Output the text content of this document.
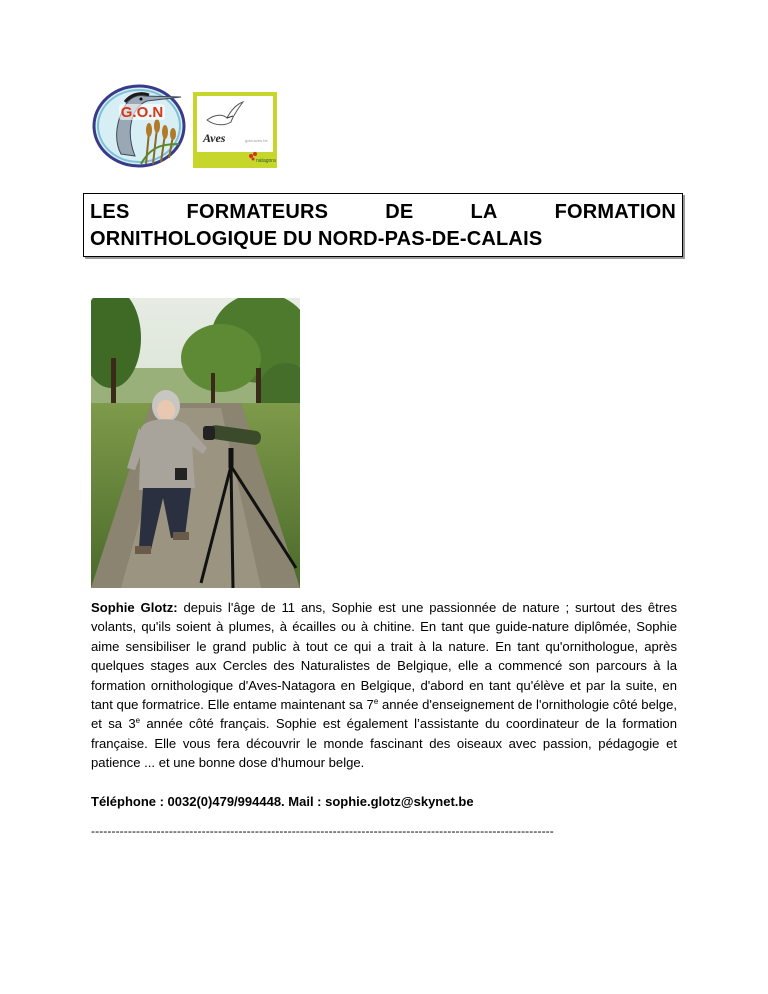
G.O.N
Aves	gola.aves.be
natagora
LES	FORMATEURS	DE	LA	FORMATION
ORNITHOLOGIQUE DU NORD-PAS-DE-CALAIS

Sophie Glotz: depuis l'âge de 11 ans, Sophie est une passionnée de nature ; surtout des êtres volants, qu'ils soient à plumes, à écailles ou à chitine. En tant que guide-nature diplômée, Sophie aime sensibiliser le grand public à tout ce qui a trait à la nature. En tant qu'ornithologue, après quelques stages aux Cercles des Naturalistes de Belgique, elle a commencé son parcours à la formation ornithologique d'Aves-Natagora en Belgique, d'abord en tant qu'élève et par la suite, en tant que formatrice. Elle entame maintenant sa 7e année d'enseignement de l'ornithologie côté belge, et sa 3e année côté français. Sophie est également l’assistante du coordinateur de la formation française. Elle vous fera découvrir le monde fascinant des oiseaux avec passion, pédagogie et patience ... et une bonne dose d'humour belge.

Téléphone : 0032(0)479/994448. Mail : sophie.glotz@skynet.be

-----------------------------------------------------------------------------------------------------------------
